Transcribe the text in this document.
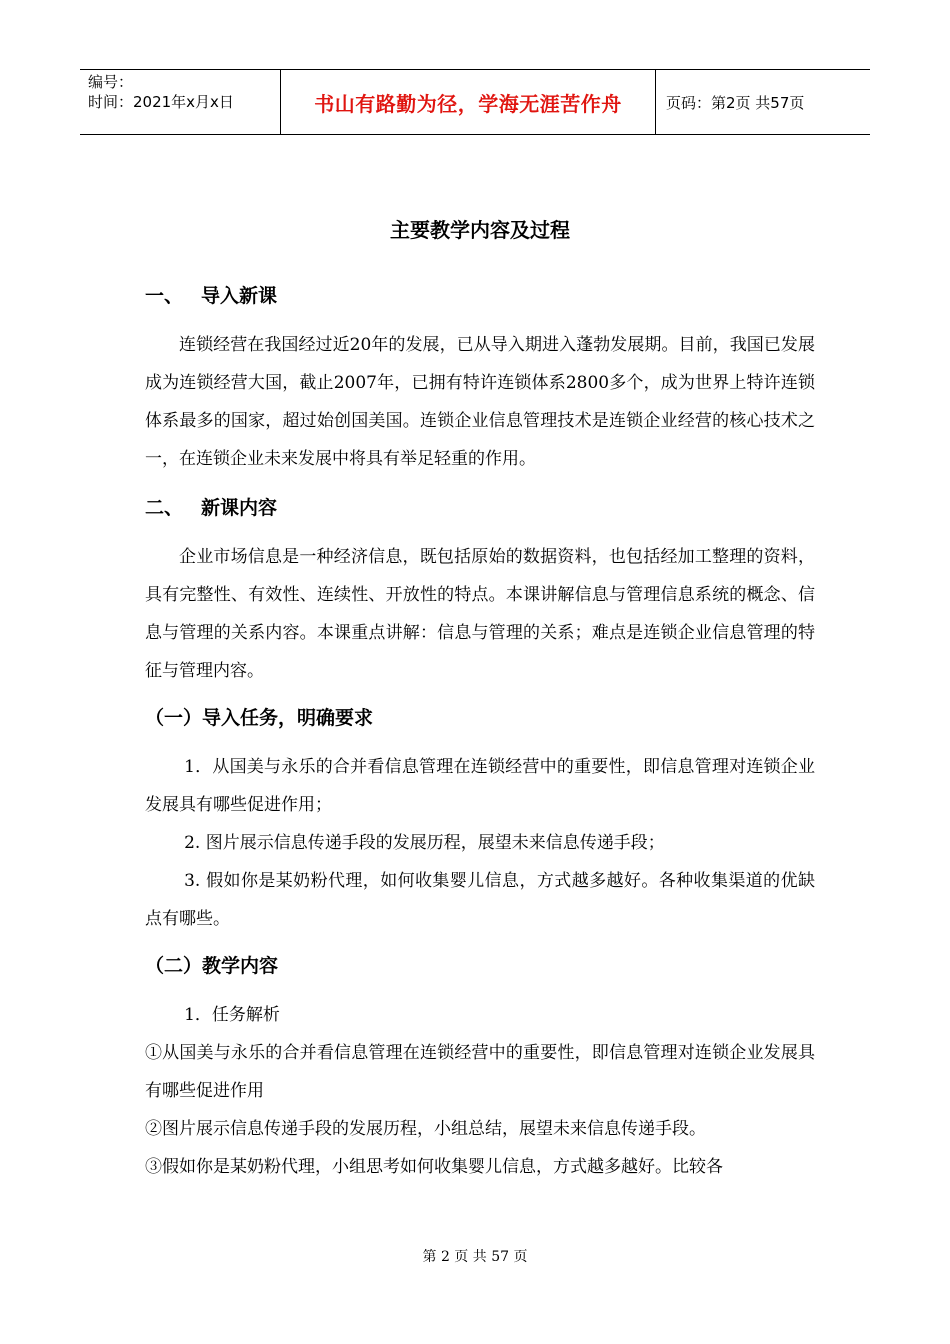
编号：
时间：2021年x月x日	书山有路勤为径，学海无涯苦作舟	页码：第2页 共57页
主要教学内容及过程
一、 导入新课

连锁经营在我国经过近20年的发展，已从导入期进入蓬勃发展期。目前，我国已发展成为连锁经营大国，截止2007年，已拥有特许连锁体系2800多个，成为世界上特许连锁体系最多的国家，超过始创国美国。连锁企业信息管理技术是连锁企业经营的核心技术之一，在连锁企业未来发展中将具有举足轻重的作用。

二、 新课内容

企业市场信息是一种经济信息，既包括原始的数据资料，也包括经加工整理的资料，具有完整性、有效性、连续性、开放性的特点。本课讲解信息与管理信息系统的概念、信息与管理的关系内容。本课重点讲解：信息与管理的关系；难点是连锁企业信息管理的特征与管理内容。

（一）导入任务，明确要求

1．从国美与永乐的合并看信息管理在连锁经营中的重要性，即信息管理对连锁企业发展具有哪些促进作用；

2. 图片展示信息传递手段的发展历程，展望未来信息传递手段；

3. 假如你是某奶粉代理，如何收集婴儿信息，方式越多越好。各种收集渠道的优缺点有哪些。

（二）教学内容

1．任务解析

①从国美与永乐的合并看信息管理在连锁经营中的重要性，即信息管理对连锁企业发展具有哪些促进作用

②图片展示信息传递手段的发展历程，小组总结，展望未来信息传递手段。

③假如你是某奶粉代理，小组思考如何收集婴儿信息，方式越多越好。比较各

第 2 页 共 57 页
